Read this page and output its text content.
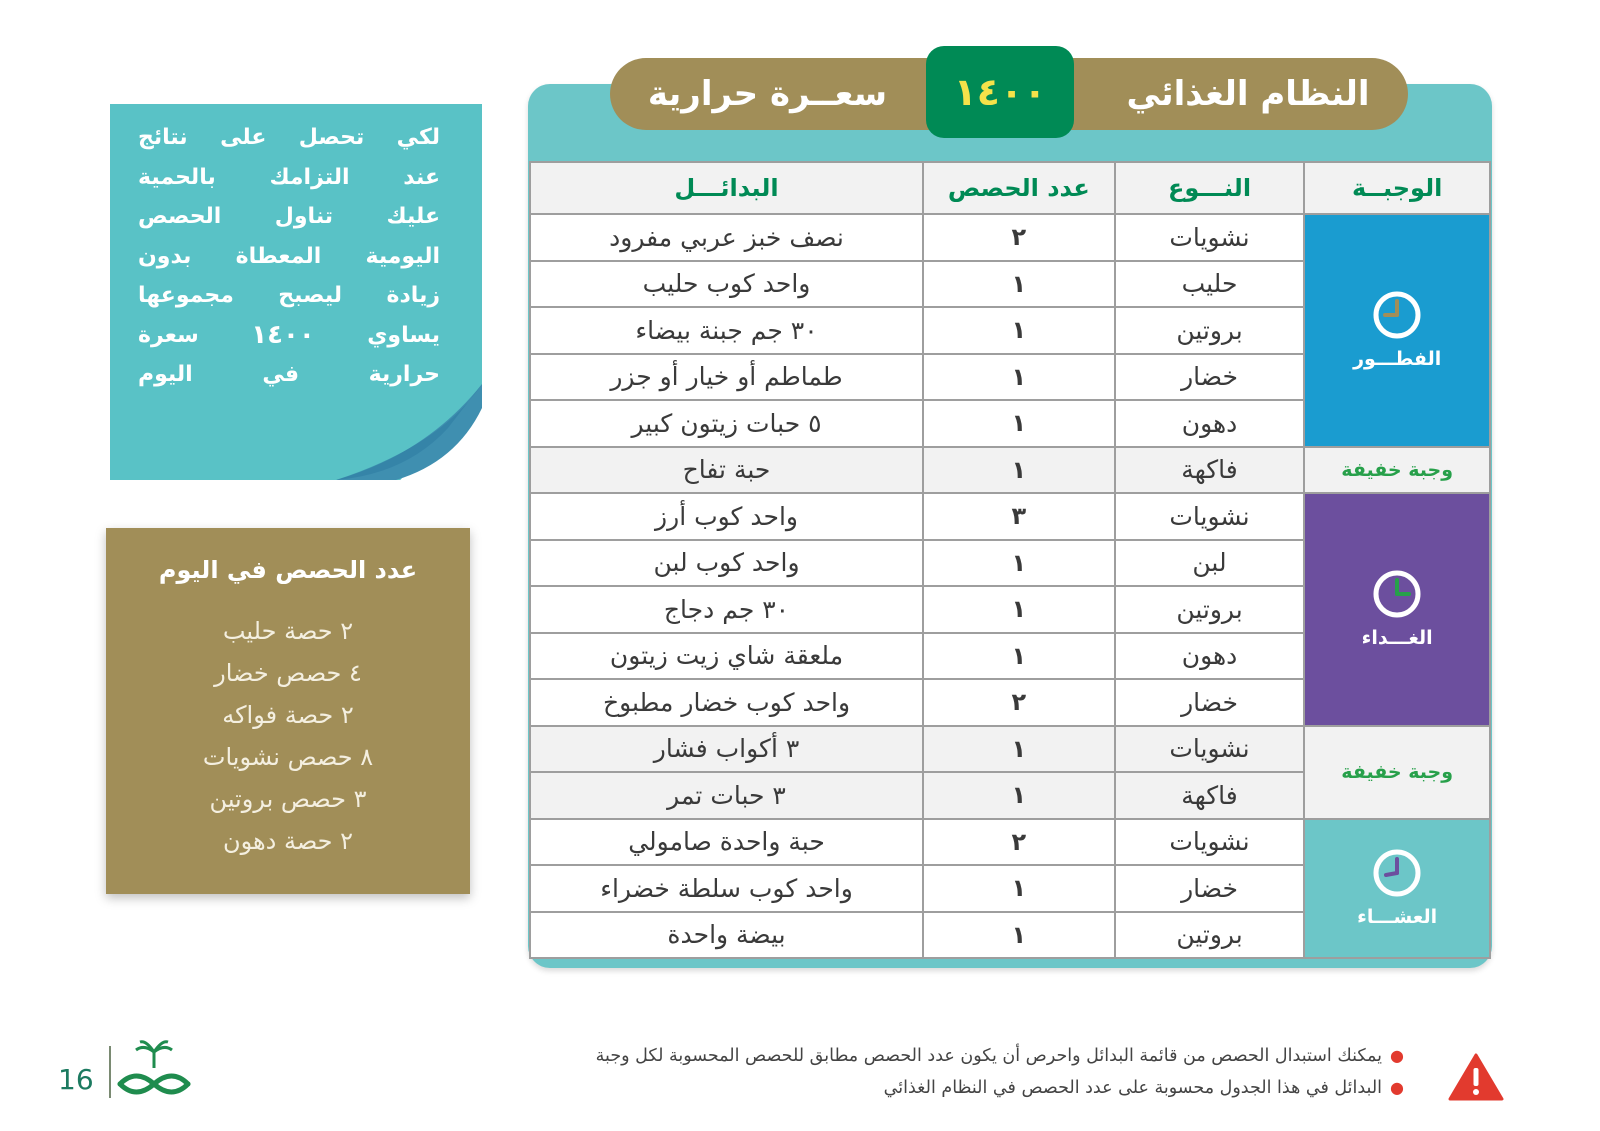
لكي تحصل على نتائج
عند التزامك بالحمية
عليك تناول الحصص
اليومية المعطاة بدون
زيادة ليصبح مجموعها
يساوي
١٤٠٠
سعرة
حرارية في اليوم
عدد الحصص في اليوم
٢ حصة حليب
٤ حصص خضار
٢ حصة فواكه
٨ حصص نشويات
٣ حصص بروتين
٢ حصة دهون
النظام الغذائي
سعــرة حرارية	١٤٠٠
الوجبــة	النـــوع	عدد الحصص	البدائـــل

الفطـــور	نشويات	٢	نصف خبز عربي مفرود
	حليب	١	واحد كوب حليب
	بروتين	١	٣٠ جم جبنة بيضاء
	خضار	١	طماطم أو خيار أو جزر
	دهون	١	٥ حبات زيتون كبير
وجبة خفيفة	فاكهة	١	حبة تفاح

الغـــداء	نشويات	٣	واحد كوب أرز
	لبن	١	واحد كوب لبن
	بروتين	١	٣٠ جم دجاج
	دهون	١	ملعقة شاي زيت زيتون
	خضار	٢	واحد كوب خضار مطبوخ
وجبة خفيفة	نشويات	١	٣ أكواب فشار
	فاكهة	١	٣ حبات تمر

العشـــاء	نشويات	٢	حبة واحدة صامولي
	خضار	١	واحد كوب سلطة خضراء
	بروتين	١	بيضة واحدة
●يمكنك استبدال الحصص من قائمة البدائل واحرص أن يكون عدد الحصص مطابق للحصص المحسوبة لكل وجبة
●البدائل في هذا الجدول محسوبة على عدد الحصص في النظام الغذائي
16
